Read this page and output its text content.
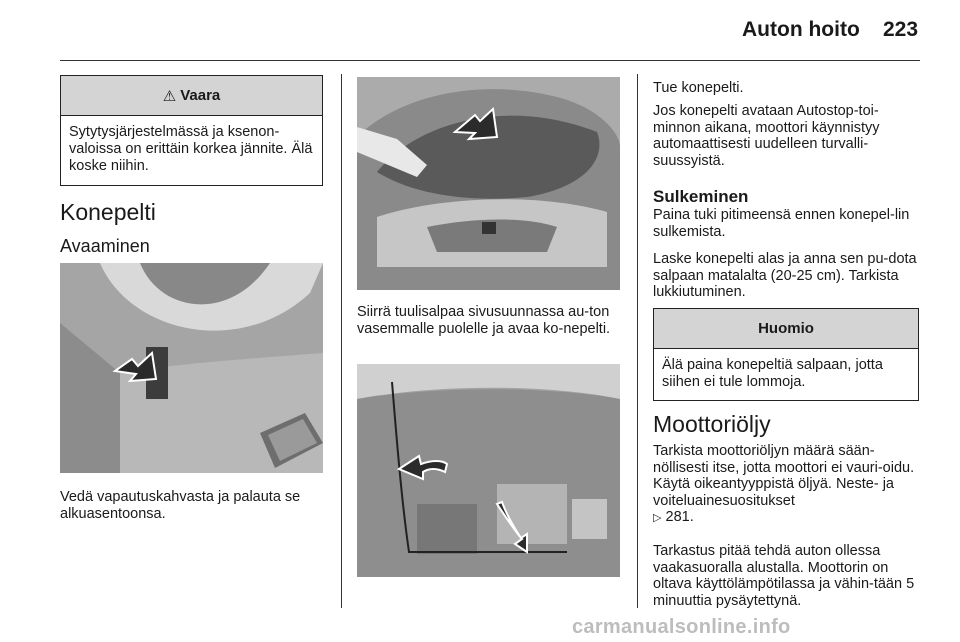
Auton hoito 223
⚠ Vaara
Sytytysjärjestelmässä ja ksenon-valoissa on erittäin korkea jännite. Älä koske niihin.
Konepelti
Avaaminen
Vedä vapautuskahvasta ja palauta se alkuasentoonsa.
Siirrä tuulisalpaa sivusuunnassa au-ton vasemmalle puolelle ja avaa ko-nepelti.
Tue konepelti.
Jos konepelti avataan Autostop-toi-minnon aikana, moottori käynnistyy automaattisesti uudelleen turvalli-suussyistä.
Sulkeminen
Paina tuki pitimeensä ennen konepel-lin sulkemista.
Laske konepelti alas ja anna sen pu-dota salpaan matalalta (20-25 cm). Tarkista lukkiutuminen.
Huomio
Älä paina konepeltiä salpaan, jotta siihen ei tule lommoja.
Moottoriöljy
Tarkista moottoriöljyn määrä sään-nöllisesti itse, jotta moottori ei vauri-oidu. Käytä oikeantyyppistä öljyä. Neste- ja voiteluainesuositukset
▷ 281.
Tarkastus pitää tehdä auton ollessa vaakasuoralla alustalla. Moottorin on oltava käyttölämpötilassa ja vähin-tään 5 minuuttia pysäytettynä.
carmanualsonline.info
